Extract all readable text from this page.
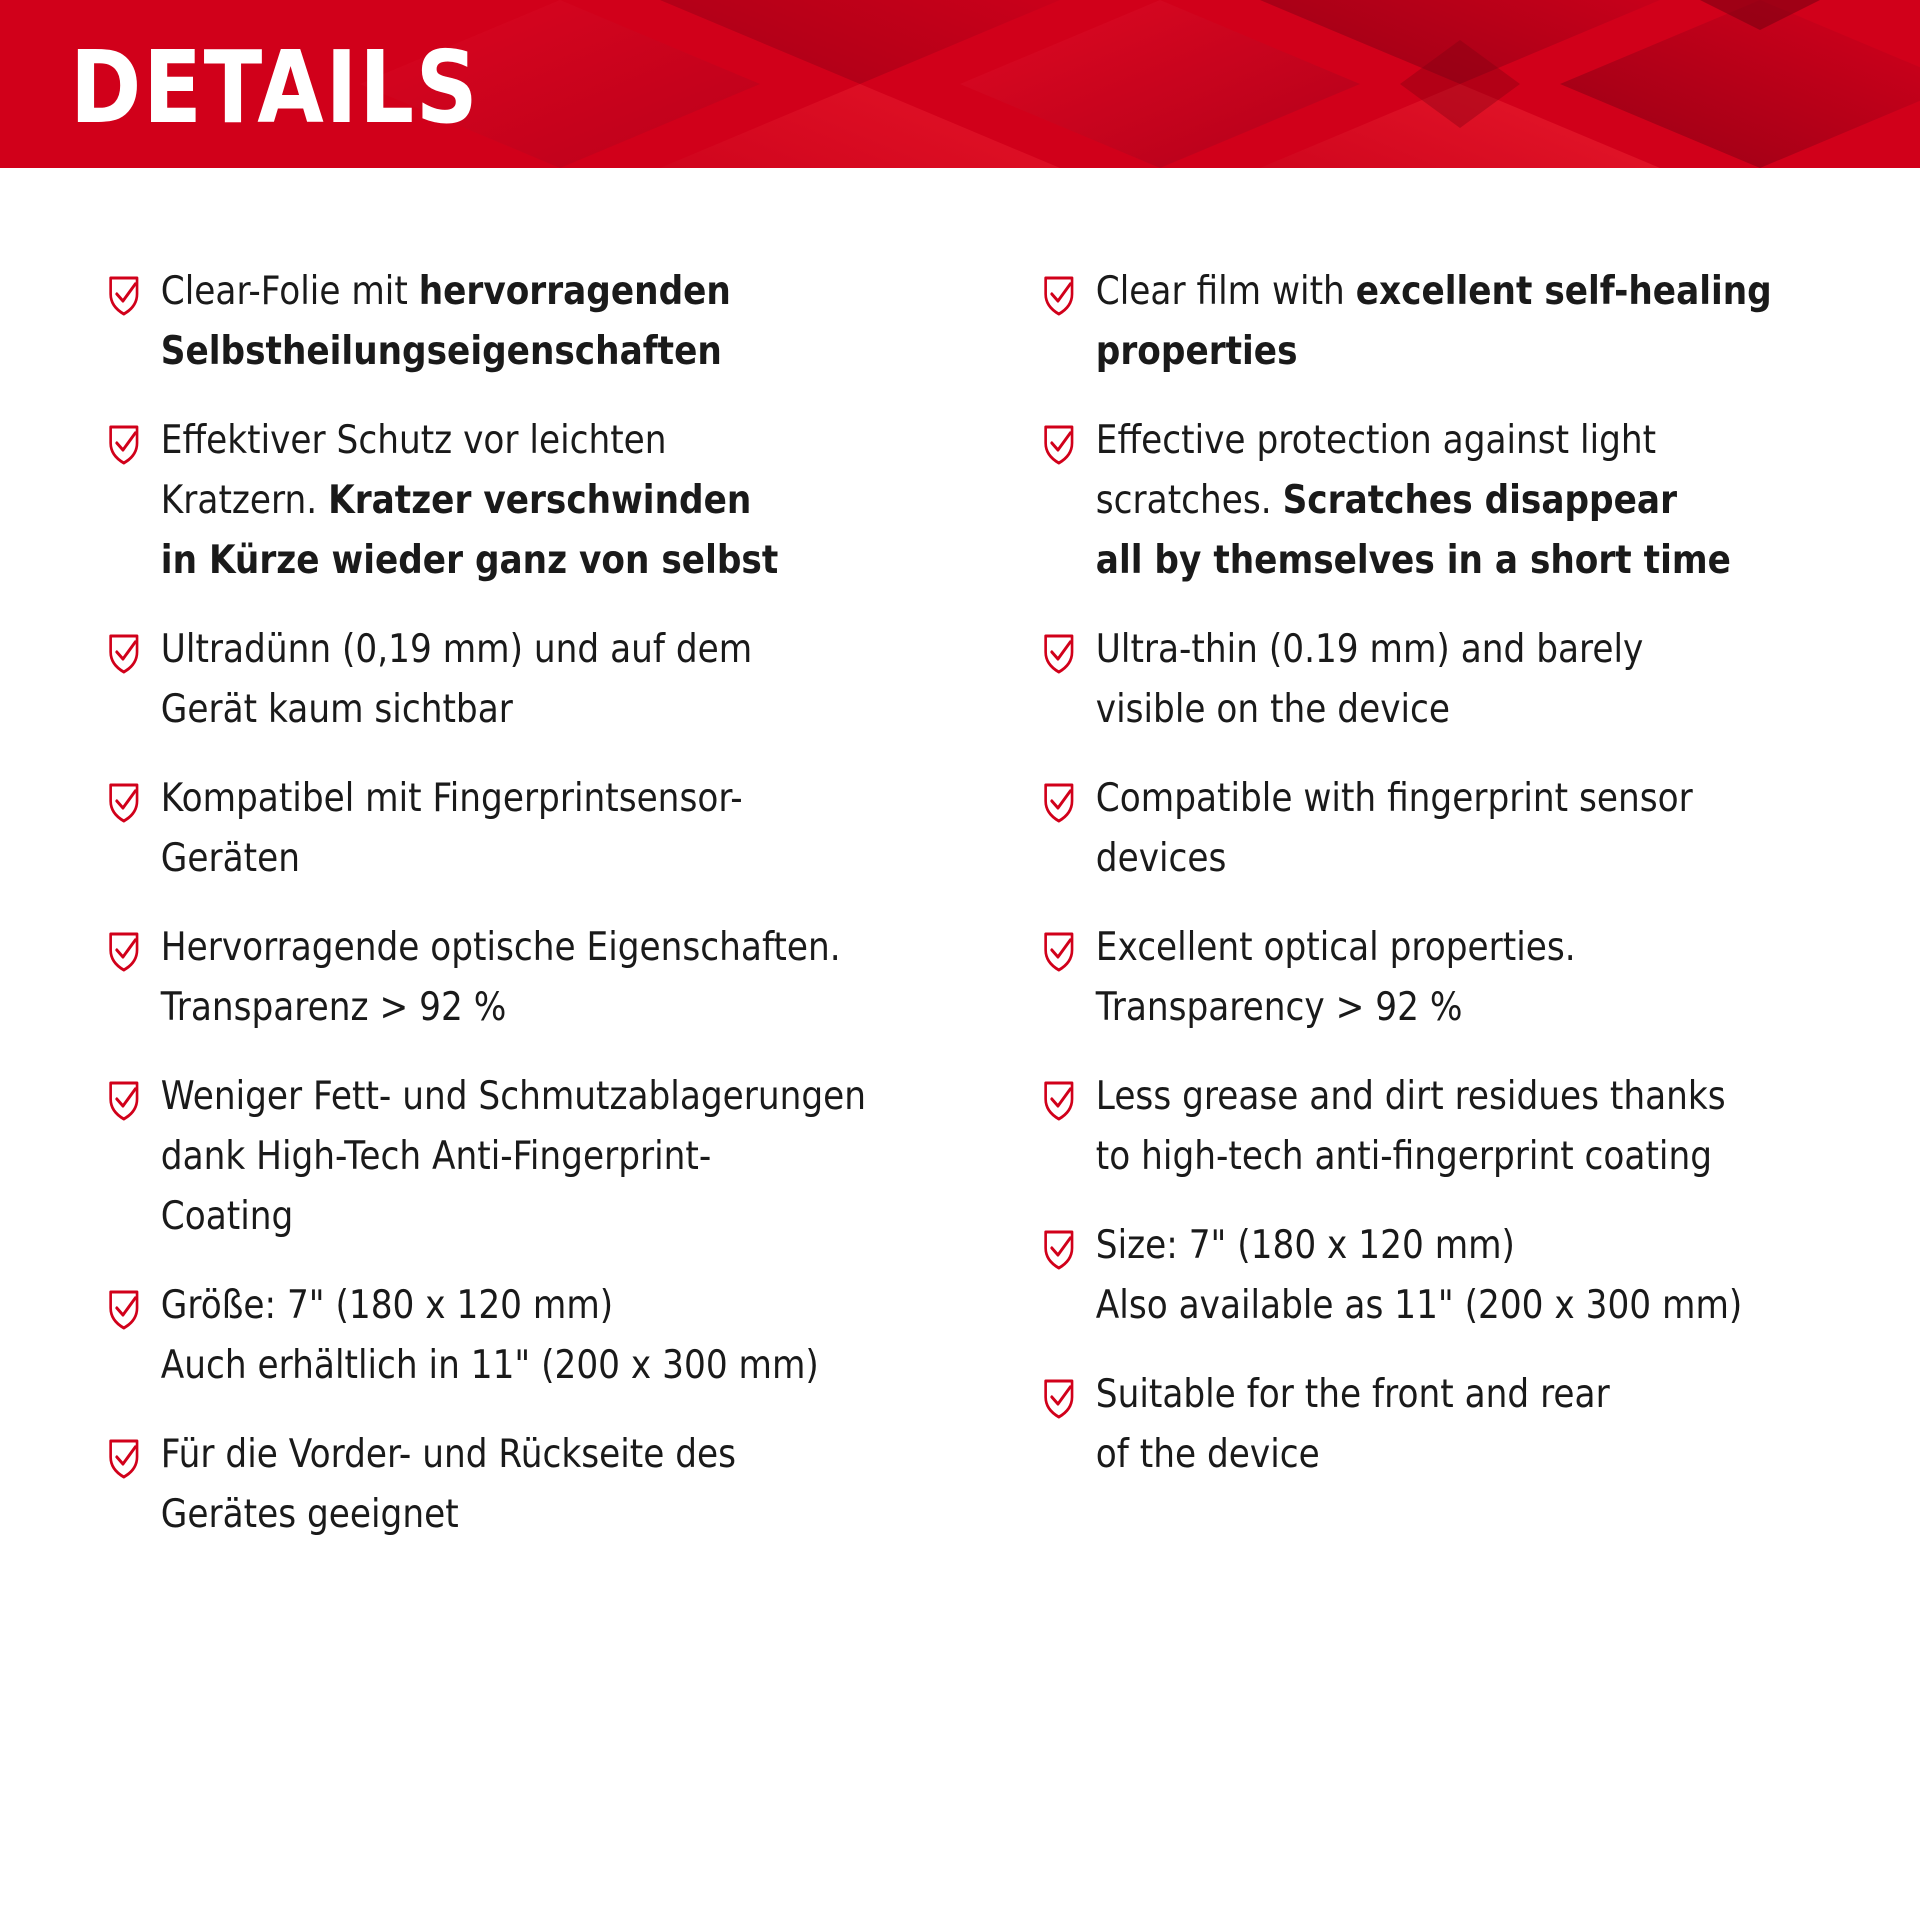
DETAILS
Clear-Folie mit hervorragenden
Selbstheilungseigenschaften
Effektiver Schutz vor leichten
Kratzern. Kratzer verschwinden
in Kürze wieder ganz von selbst
Ultradünn (0,19 mm) und auf dem
Gerät kaum sichtbar
Kompatibel mit Fingerprintsensor-
Geräten
Hervorragende optische Eigenschaften.
Transparenz > 92 %
Weniger Fett- und Schmutzablagerungen
dank High-Tech Anti-Fingerprint-
Coating
Größe: 7" (180 x 120 mm)
Auch erhältlich in 11" (200 x 300 mm)
Für die Vorder- und Rückseite des
Gerätes geeignet
Clear film with excellent self-healing
properties
Effective protection against light
scratches. Scratches disappear
all by themselves in a short time
Ultra-thin (0.19 mm) and barely
visible on the device
Compatible with fingerprint sensor
devices
Excellent optical properties.
Transparency > 92 %
Less grease and dirt residues thanks
to high-tech anti-fingerprint coating
Size: 7" (180 x 120 mm)
Also available as 11" (200 x 300 mm)
Suitable for the front and rear
of the device
